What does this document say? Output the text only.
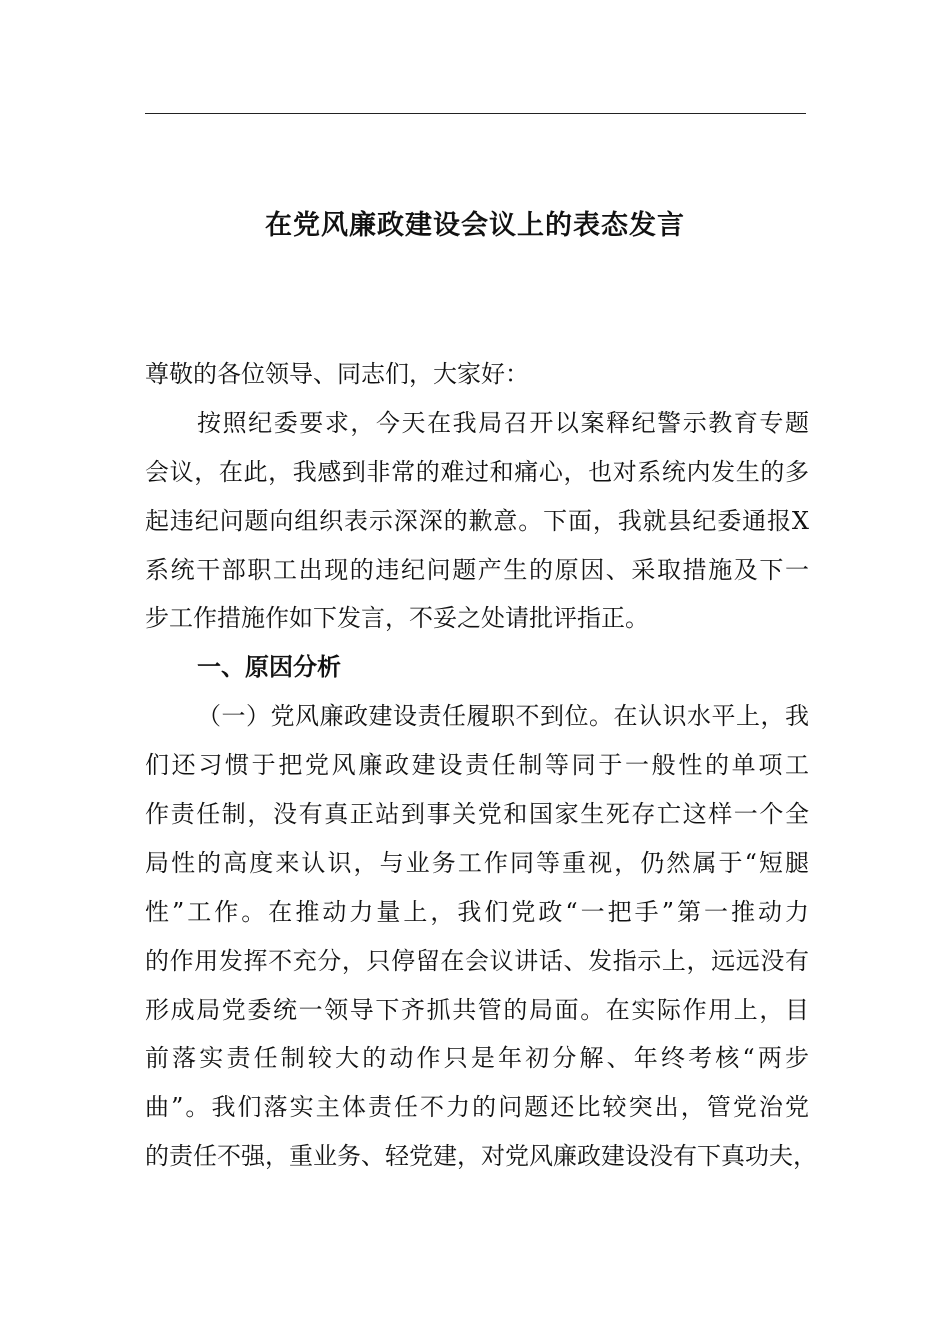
在党风廉政建设会议上的表态发言
尊敬的各位领导、同志们，大家好：
按照纪委要求，今天在我局召开以案释纪警示教育专题
会议，在此，我感到非常的难过和痛心，也对系统内发生的多
起违纪问题向组织表示深深的歉意。下面，我就县纪委通报X
系统干部职工出现的违纪问题产生的原因、采取措施及下一
步工作措施作如下发言，不妥之处请批评指正。
一、原因分析
（一）党风廉政建设责任履职不到位。在认识水平上，我
们还习惯于把党风廉政建设责任制等同于一般性的单项工
作责任制，没有真正站到事关党和国家生死存亡这样一个全
局性的高度来认识，与业务工作同等重视，仍然属于“短腿
性”工作。在推动力量上，我们党政“一把手”第一推动力
的作用发挥不充分，只停留在会议讲话、发指示上，远远没有
形成局党委统一领导下齐抓共管的局面。在实际作用上，目
前落实责任制较大的动作只是年初分解、年终考核“两步
曲”。我们落实主体责任不力的问题还比较突出，管党治党
的责任不强，重业务、轻党建，对党风廉政建设没有下真功夫，
